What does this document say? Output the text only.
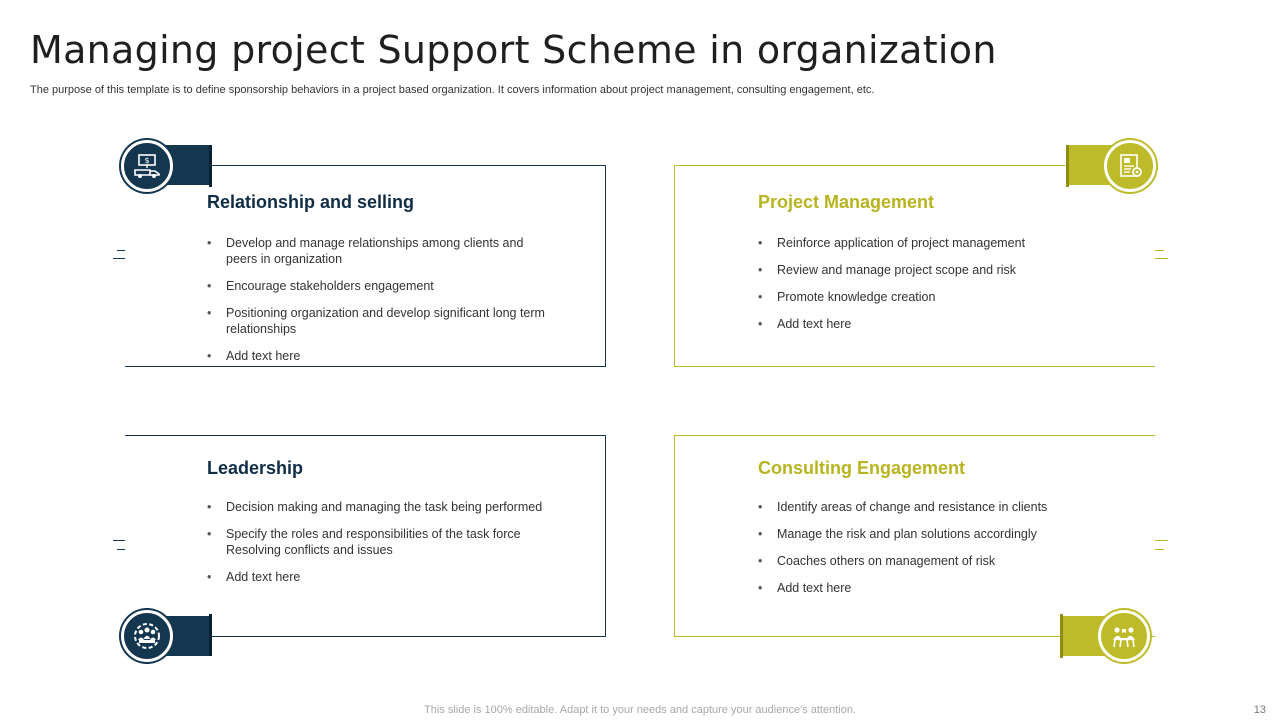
Managing project Support Scheme in organization

The purpose of this template is to define sponsorship behaviors in a project based organization. It covers information about project management, consulting engagement, etc.

Relationship and selling
• Develop and manage relationships among clients and peers in organization
• Encourage stakeholders engagement
• Positioning organization and develop significant long term relationships
• Add text here
$
Project Management
• Reinforce application of project management
• Review and manage project scope and risk
• Promote knowledge creation
• Add text here
Leadership
• Decision making and managing the task being performed
• Specify the roles and responsibilities of the task force Resolving conflicts and issues
• Add text here
Consulting Engagement
• Identify areas of change and resistance in clients
• Manage the risk and plan solutions accordingly
• Coaches others on management of risk
• Add text here
This slide is 100% editable. Adapt it to your needs and capture your audience's attention.	13
